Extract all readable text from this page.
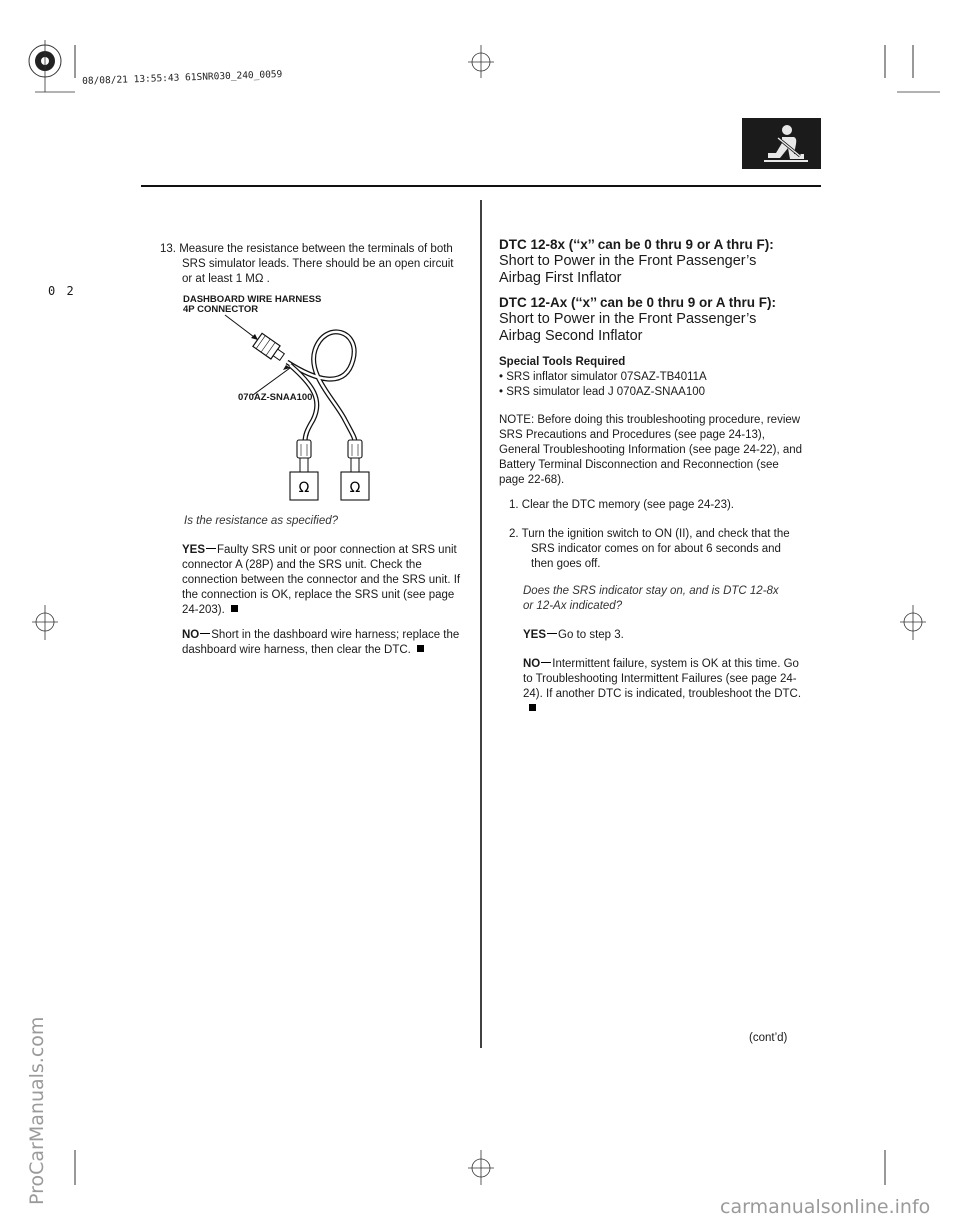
08/08/21 13:55:43 61SNR030_240_0059
0 2
13. Measure the resistance between the terminals of both SRS simulator leads. There should be an open circuit or at least 1 MΩ .
DASHBOARD WIRE HARNESS
4P CONNECTOR
070AZ-SNAA100
Ω	Ω
Is the resistance as specified?
YES Faulty SRS unit or poor connection at SRS unit connector A (28P) and the SRS unit. Check the connection between the connector and the SRS unit. If the connection is OK, replace the SRS unit (see page 24-203).
NO Short in the dashboard wire harness; replace the dashboard wire harness, then clear the DTC.
DTC 12-8x (‘‘x’’ can be 0 thru 9 or A thru F):
Short to Power in the Front Passenger’s
Airbag First Inflator
DTC 12-Ax (‘‘x’’ can be 0 thru 9 or A thru F):
Short to Power in the Front Passenger’s
Airbag Second Inflator
Special Tools Required
• SRS inflator simulator 07SAZ-TB4011A
• SRS simulator lead J 070AZ-SNAA100
NOTE: Before doing this troubleshooting procedure, review SRS Precautions and Procedures (see page 24-13), General Troubleshooting Information (see page 24-22), and Battery Terminal Disconnection and Reconnection (see page 22-68).
1. Clear the DTC memory (see page 24-23).
2. Turn the ignition switch to ON (II), and check that the SRS indicator comes on for about 6 seconds and then goes off.
Does the SRS indicator stay on, and is DTC 12-8x
or 12-Ax indicated?
YES Go to step 3.
NO Intermittent failure, system is OK at this time. Go to Troubleshooting Intermittent Failures (see page 24-24). If another DTC is indicated, troubleshoot the DTC.
(cont’d)
ProCarManuals.com
carmanualsonline.info
